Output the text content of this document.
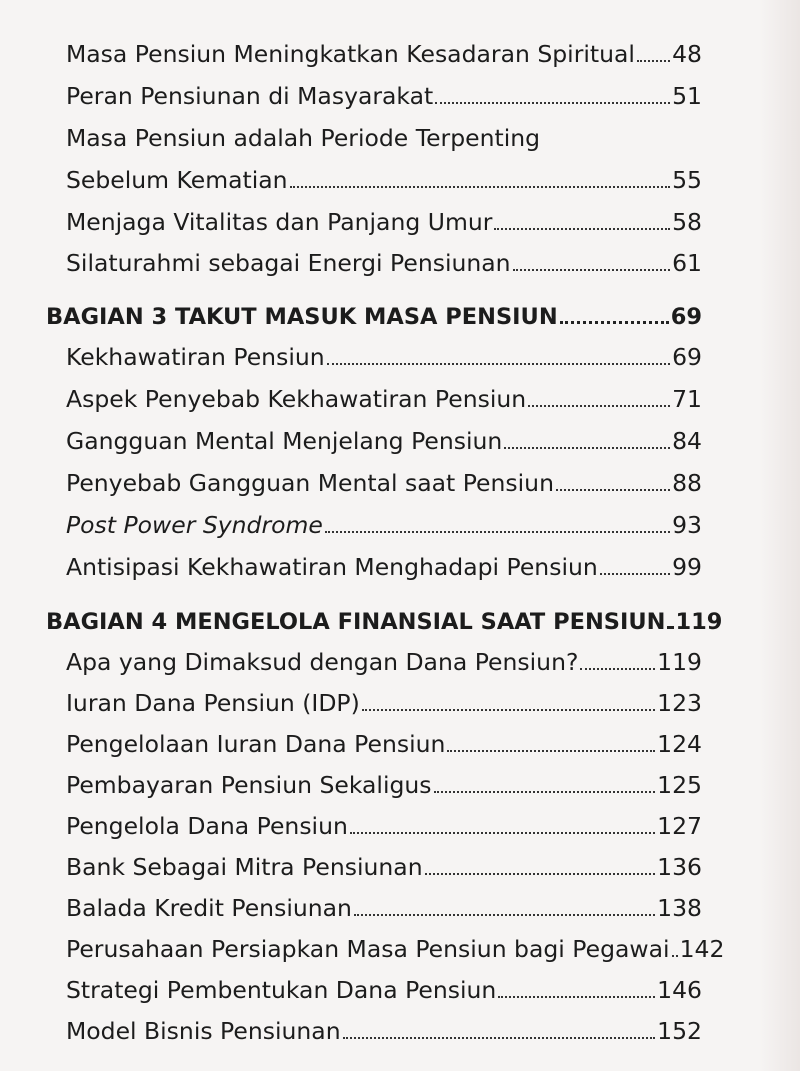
Masa Pensiun Meningkatkan Kesadaran Spiritual 48
Peran Pensiunan di Masyarakat	51
Masa Pensiun adalah Periode Terpenting
Sebelum Kematian	55
Menjaga Vitalitas dan Panjang Umur	58
Silaturahmi sebagai Energi Pensiunan	61
BAGIAN 3 TAKUT MASUK MASA PENSIUN	69
Kekhawatiran Pensiun	69
Aspek Penyebab Kekhawatiran Pensiun	71
Gangguan Mental Menjelang Pensiun	84
Penyebab Gangguan Mental saat Pensiun	88
Post Power Syndrome	93
Antisipasi Kekhawatiran Menghadapi Pensiun	99
BAGIAN 4 MENGELOLA FINANSIAL SAAT PENSIUN 119
Apa yang Dimaksud dengan Dana Pensiun?	119
Iuran Dana Pensiun (IDP)	123
Pengelolaan Iuran Dana Pensiun	124
Pembayaran Pensiun Sekaligus	125
Pengelola Dana Pensiun	127
Bank Sebagai Mitra Pensiunan	136
Balada Kredit Pensiunan	138
Perusahaan Persiapkan Masa Pensiun bagi Pegawai 142
Strategi Pembentukan Dana Pensiun	146
Model Bisnis Pensiunan	152
